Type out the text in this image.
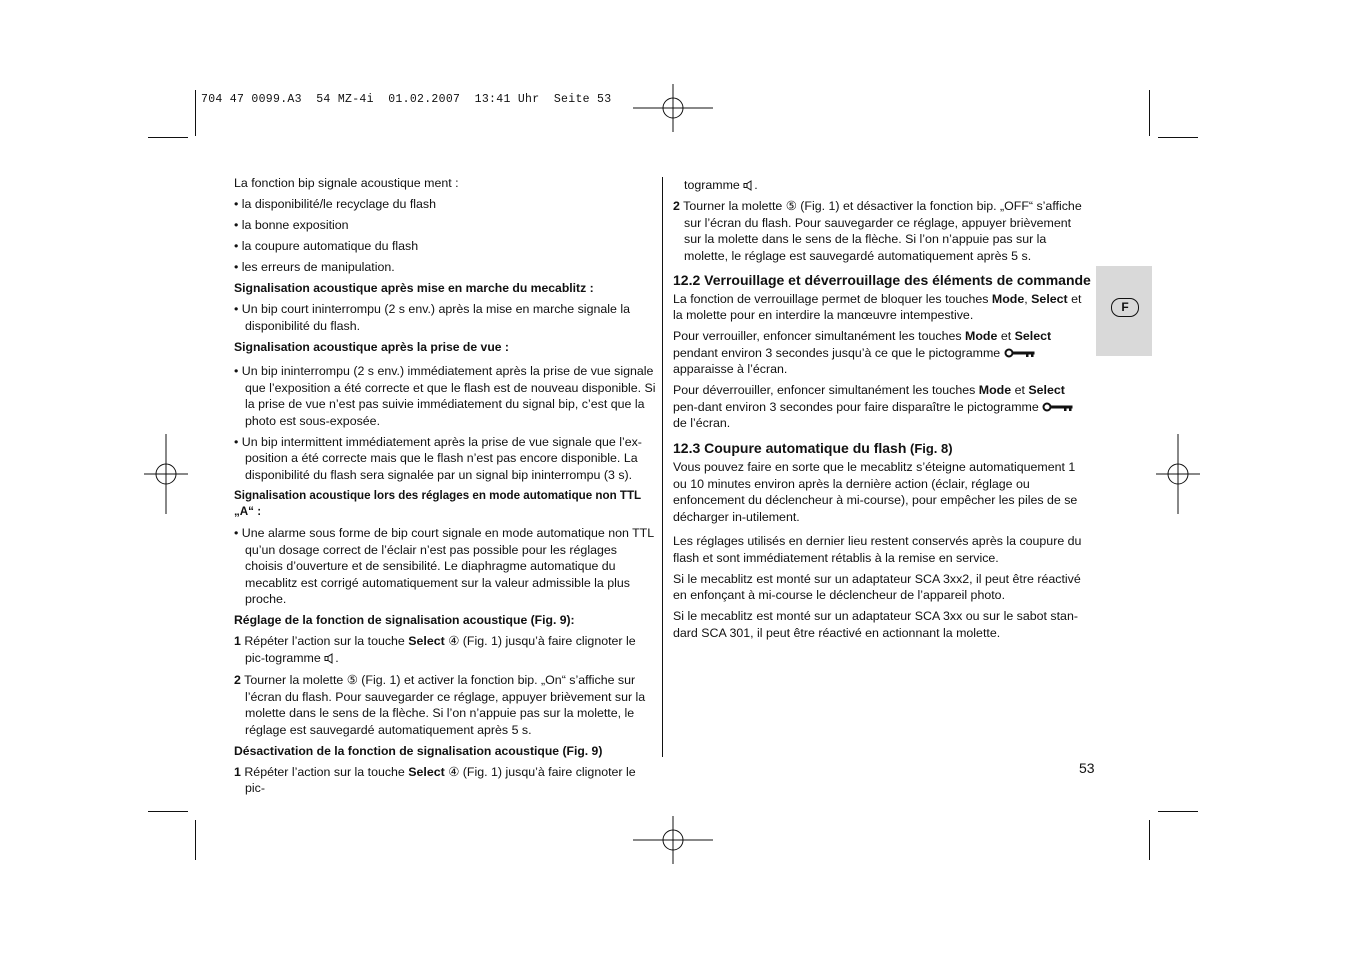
704 47 0099.A3  54 MZ-4i  01.02.2007  13:41 Uhr  Seite 53

La fonction bip signale acoustique ment :

• la disponibilité/le recyclage du flash

• la bonne exposition

• la coupure automatique du flash

• les erreurs de manipulation.

Signalisation acoustique après mise en marche du mecablitz :

• Un bip court ininterrompu (2 s env.) après la mise en marche signale la disponibilité du flash.

Signalisation acoustique après la prise de vue :

• Un bip ininterrompu (2 s env.) immédiatement après la prise de vue signale que l’exposition a été correcte et que le flash est de nouveau disponible. Si la prise de vue n’est pas suivie immédiatement du signal bip, c’est que la photo est sous-exposée.

• Un bip intermittent immédiatement après la prise de vue signale que l’ex-position a été correcte mais que le flash n’est pas encore disponible. La disponibilité du flash sera signalée par un signal bip ininterrompu (3 s).

Signalisation acoustique lors des réglages en mode automatique non TTL „A“ :

• Une alarme sous forme de bip court signale en mode automatique non TTL qu’un dosage correct de l’éclair n’est pas possible pour les réglages choisis d’ouverture et de sensibilité. Le diaphragme automatique du mecablitz est corrigé automatiquement sur la valeur admissible la plus proche.

Réglage de la fonction de signalisation acoustique (Fig. 9):

1 Répéter l’action sur la touche Select ④ (Fig. 1) jusqu’à faire clignoter le pic-togramme .

2 Tourner la molette ⑤ (Fig. 1) et activer la fonction bip. „On“ s’affiche sur l’écran du flash. Pour sauvegarder ce réglage, appuyer brièvement sur la molette dans le sens de la flèche. Si l’on n’appuie pas sur la molette, le réglage est sauvegardé automatiquement après 5 s.

Désactivation de la fonction de signalisation acoustique (Fig. 9)

1 Répéter l’action sur la touche Select ④ (Fig. 1) jusqu’à faire clignoter le pic-

togramme .

2 Tourner la molette ⑤ (Fig. 1) et désactiver la fonction bip. „OFF“ s’affiche sur l’écran du flash. Pour sauvegarder ce réglage, appuyer brièvement sur la molette dans le sens de la flèche. Si l’on n’appuie pas sur la molette, le réglage est sauvegardé automatiquement après 5 s.

12.2 Verrouillage et déverrouillage des éléments de commande

La fonction de verrouillage permet de bloquer les touches Mode, Select et la molette pour en interdire la manœuvre intempestive.

Pour verrouiller, enfoncer simultanément les touches Mode et Select pendant environ 3 secondes jusqu’à ce que le pictogramme  apparaisse à l’écran.

Pour déverrouiller, enfoncer simultanément les touches Mode et Select pen-dant environ 3 secondes pour faire disparaître le pictogramme  de l’écran.

12.3 Coupure automatique du flash (Fig. 8)

Vous pouvez faire en sorte que le mecablitz s’éteigne automatiquement 1 ou 10 minutes environ après la dernière action (éclair, réglage ou enfoncement du déclencheur à mi-course), pour empêcher les piles de se décharger in-utilement.

Les réglages utilisés en dernier lieu restent conservés après la coupure du flash et sont immédiatement rétablis à la remise en service.

Si le mecablitz est monté sur un adaptateur SCA 3xx2, il peut être réactivé en enfonçant à mi-course le déclencheur de l’appareil photo.

Si le mecablitz est monté sur un adaptateur SCA 3xx ou sur le sabot stan-dard SCA 301, il peut être réactivé en actionnant la molette.

F
53
